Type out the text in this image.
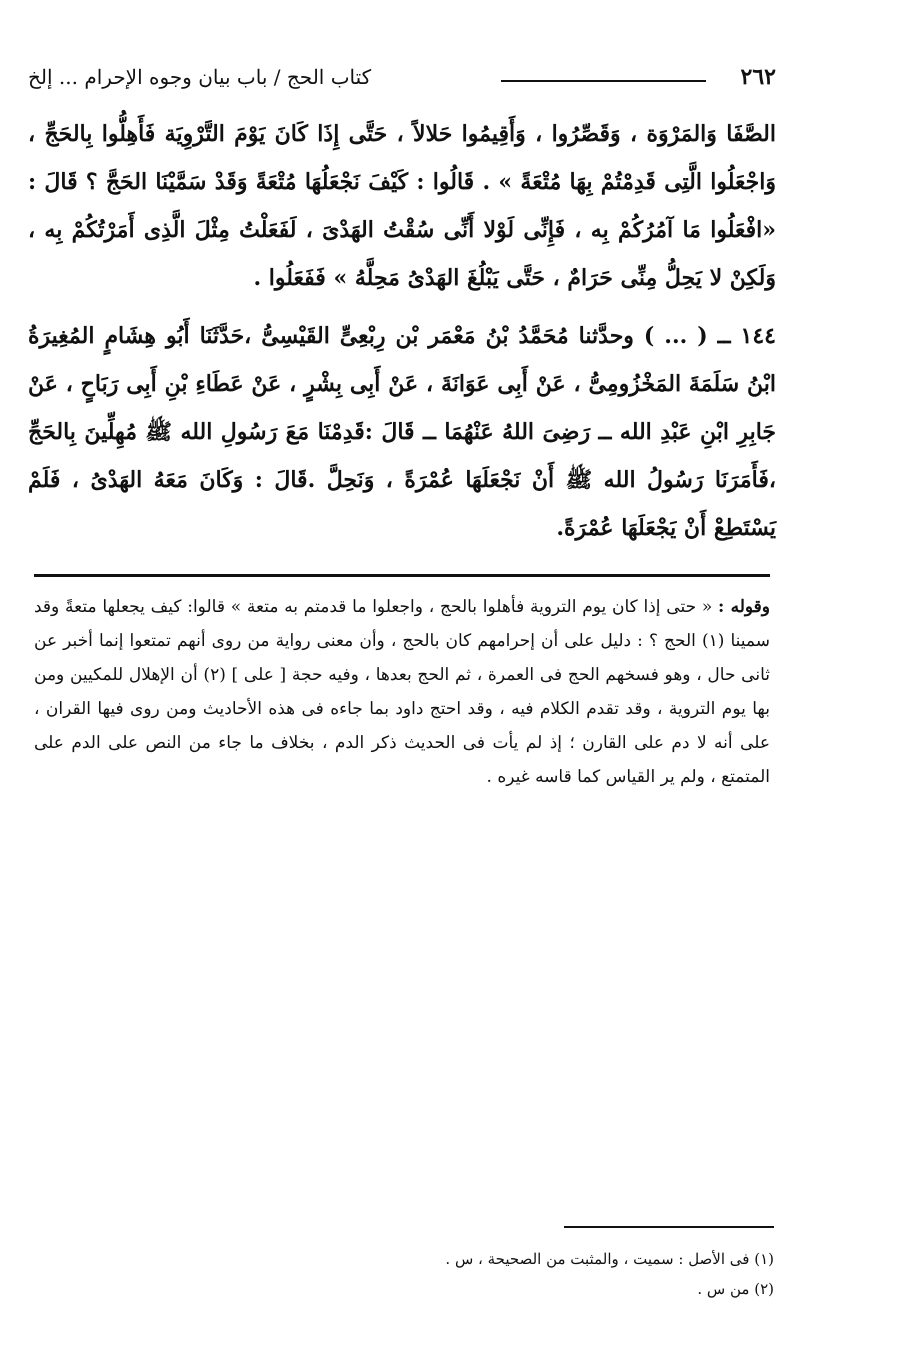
٢٦٢
كتاب الحج / باب بيان وجوه الإحرام ... إلخ

الصَّفَا وَالمَرْوَة ، وَقَصِّرُوا ، وَأَقِيمُوا حَلالاً ، حَتَّى إِذَا كَانَ يَوْمَ التَّرْوِيَة فَأَهِلُّوا بِالحَجِّ ، وَاجْعَلُوا الَّتِى قَدِمْتُمْ بِهَا مُتْعَةً » . قَالُوا : كَيْفَ نَجْعَلُهَا مُتْعَةً وَقَدْ سَمَّيْنَا الحَجَّ ؟ قَالَ : «افْعَلُوا مَا آمُرُكُمْ بِه ، فَإِنِّى لَوْلا أَنِّى سُقْتُ الهَدْىَ ، لَفَعَلْتُ مِثْلَ الَّذِى أَمَرْتُكُمْ بِه ، وَلَكِنْ لا يَحِلُّ مِنِّى حَرَامٌ ، حَتَّى يَبْلُغَ الهَدْىُ مَحِلَّهُ » فَفَعَلُوا .

١٤٤ ــ ( ... ) وحدَّثنا مُحَمَّدُ بْنُ مَعْمَر بْن رِبْعِىٍّ القَيْسِىُّ ،حَدَّثَنَا أَبُو هِشَامٍ المُغِيرَةُ ابْنُ سَلَمَةَ المَخْزُومِىُّ ، عَنْ أَبِى عَوَانَةَ ، عَنْ أَبِى بِشْرٍ ، عَنْ عَطَاءِ بْنِ أَبِى رَبَاحٍ ، عَنْ جَابِرِ ابْنِ عَبْدِ الله ــ رَضِىَ اللهُ عَنْهُمَا ــ قَالَ :قَدِمْنَا مَعَ رَسُولِ الله ﷺ مُهِلِّينَ بِالحَجِّ ،فَأَمَرَنَا رَسُولُ الله ﷺ أَنْ نَجْعَلَهَا عُمْرَةً ، وَنَحِلَّ .قَالَ : وَكَانَ مَعَهُ الهَدْىُ ، فَلَمْ يَسْتَطِعْ أَنْ يَجْعَلَهَا عُمْرَةً.

وقوله : « حتى إذا كان يوم التروية فأهلوا بالحج ، واجعلوا ما قدمتم به متعة » قالوا: كيف يجعلها متعةً وقد سمينا (١) الحج ؟ : دليل على أن إحرامهم كان بالحج ، وأن معنى رواية من روى أنهم تمتعوا إنما أخبر عن ثانى حال ، وهو فسخهم الحج فى العمرة ، ثم الحج بعدها ، وفيه حجة [ على ] (٢) أن الإهلال للمكيين ومن بها يوم التروية ، وقد تقدم الكلام فيه ، وقد احتج داود بما جاءه فى هذه الأحاديث ومن روى فيها القران ، على أنه لا دم على القارن ؛ إذ لم يأت فى الحديث ذكر الدم ، بخلاف ما جاء من النص على الدم على المتمتع ، ولم ير القياس كما قاسه غيره .
(١) فى الأصل : سميت ، والمثبت من الصحيحة ، س .
(٢) من س .
